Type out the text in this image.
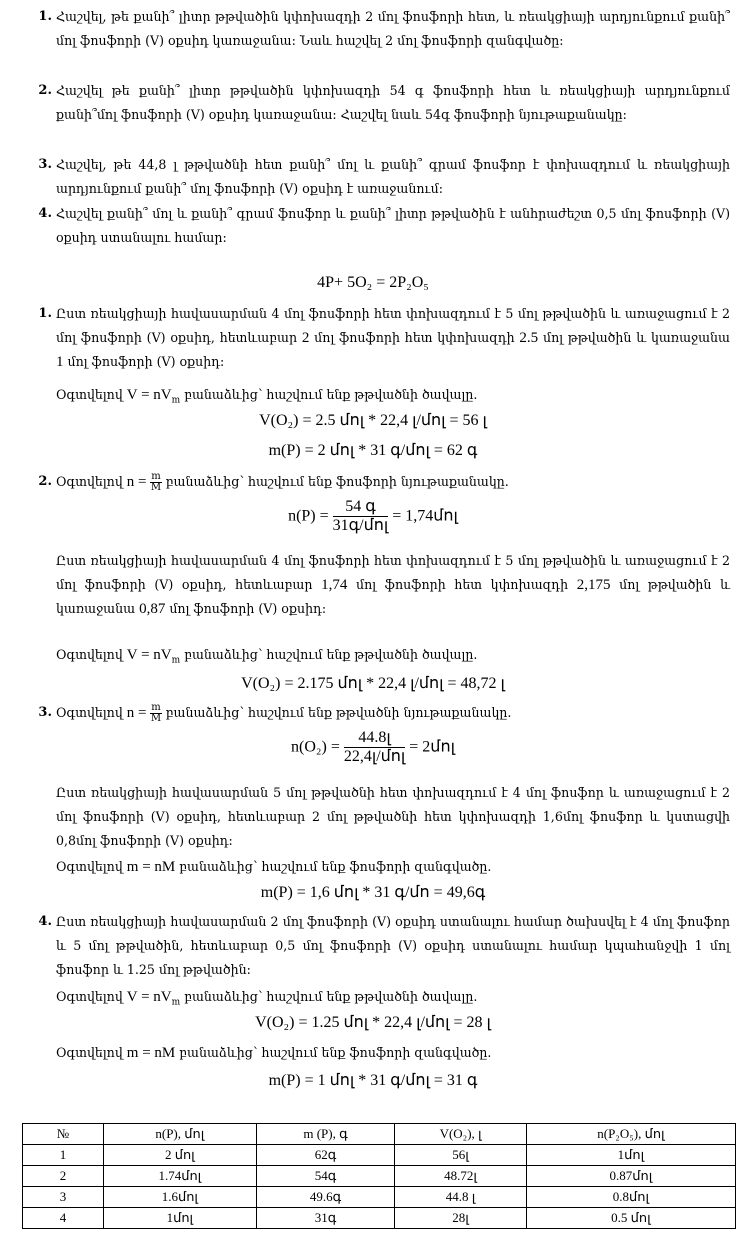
1. Հաշվել, թե քանի՞ լիտր թթվածին կփոխազդի 2 մոլ ֆոսֆորի հետ, և ռեակցիայի արդյունքում քանի՞ մոլ ֆոսֆորի (V) օքսիդ կառաջանա: Նաև հաշվել 2 մոլ ֆոսֆորի զանգվածը:
2. Հաշվել թե քանի՞ լիտր թթվածին կփոխազդի 54 գ ֆոսֆորի հետ և ռեակցիայի արդյունքում քանի՞մոլ ֆոսֆորի (V) օքսիդ կառաջանա: Հաշվել նաև 54գ ֆոսֆորի նյութաքանակը:
3. Հաշվել, թե 44,8 լ թթվածնի հետ քանի՞ մոլ և քանի՞ գրամ ֆոսֆոր է փոխազդում և ռեակցիայի արդյունքում քանի՞ մոլ ֆոսֆորի (V) օքսիդ է առաջանում:
4. Հաշվել քանի՞ մոլ և քանի՞ գրամ ֆոսֆոր և քանի՞ լիտր թթվածին է անհրաժեշտ 0,5 մոլ ֆոսֆորի (V) օքսիդ ստանալու համար:
4P+ 5O₂ = 2P₂O₅
1. Ըստ ռեակցիայի հավասարման 4 մոլ ֆոսֆորի հետ փոխազդում է 5 մոլ թթվածին և առաջացում է 2 մոլ ֆոսֆորի (V) օքսիդ, հետևաբար 2 մոլ ֆոսֆորի հետ կփոխազդի 2.5 մոլ թթվածին և կառաջանա 1 մոլ ֆոսֆորի (V) օքսիդ:
Օգտվելով $V = nV_m$ բանաձևից՝ հաշվում ենք թթվածնի ծավալը.
V(O₂) = 2.5 մոլ * 22,4 լ/մոլ = 56 լ
m(P) = 2 մոլ * 31 գ/մոլ = 62 գ
2. Օգտվելով $n = \frac{m}{M}$ բանաձևից՝ հաշվում ենք ֆոսֆորի նյութաքանակը.
$n(P) = \frac{\text{54 գ}}{\text{31գ/մոլ}}$ = 1,74մոլ
Ըստ ռեակցիայի հավասարման 4 մոլ ֆոսֆորի հետ փոխազդում է 5 մոլ թթվածին և առաջացում է 2 մոլ ֆոսֆորի (V) օքսիդ, հետևաբար 1,74 մոլ ֆոսֆորի հետ կփոխազդի 2,175 մոլ թթվածին և կառաջանա 0,87 մոլ ֆոսֆորի (V) օքսիդ:
Օգտվելով $V = nV_m$ բանաձևից՝ հաշվում ենք թթվածնի ծավալը.
V(O₂) = 2.175 մոլ * 22,4 լ/մոլ = 48,72 լ
3. Օգտվելով $n = \frac{m}{M}$ բանաձևից՝ հաշվում ենք թթվածնի նյութաքանակը.
$n(O_2) = \frac{\text{44.8լ}}{\text{22,4լ/մոլ}}$ = 2մոլ
Ըստ ռեակցիայի հավասարման 5 մոլ թթվածնի հետ փոխազդում է 4 մոլ ֆոսֆոր և առաջացում է 2 մոլ ֆոսֆորի (V) օքսիդ, հետևաբար 2 մոլ թթվածնի հետ կփոխազդի 1,6մոլ ֆոսֆոր և կստացվի 0,8մոլ ֆոսֆորի (V) օքսիդ:
Օգտվելով m = nM բանաձևից՝ հաշվում ենք ֆոսֆորի զանգվածը.
m(P) = 1,6 մոլ * 31 գ/մո = 49,6գ
4. Ըստ ռեակցիայի հավասարման 2 մոլ ֆոսֆորի (V) օքսիդ ստանալու համար ծախսվել է 4 մոլ ֆոսֆոր և 5 մոլ թթվածին, հետևաբար 0,5 մոլ ֆոսֆորի (V) օքսիդ ստանալու համար կպահանջվի 1 մոլ ֆոսֆոր և 1.25 մոլ թթվածին:
Օգտվելով $V = nV_m$ բանաձևից՝ հաշվում ենք թթվածնի ծավալը.
V(O₂) = 1.25 մոլ * 22,4 լ/մոլ = 28 լ
Օգտվելով m = nM բանաձևից՝ հաշվում ենք ֆոսֆորի զանգվածը.
m(P) = 1 մոլ * 31 գ/մոլ = 31 գ
№	n(P), մոլ	m (P), գ	V(O₂), լ	n(P₂O₅), մոլ
1	2 մոլ	62գ	56լ	1մոլ
2	1.74մոլ	54գ	48.72լ	0.87մոլ
3	1.6մոլ	49.6գ	44.8 լ	0.8մոլ
4	1մոլ	31գ	28լ	0.5 մոլ
